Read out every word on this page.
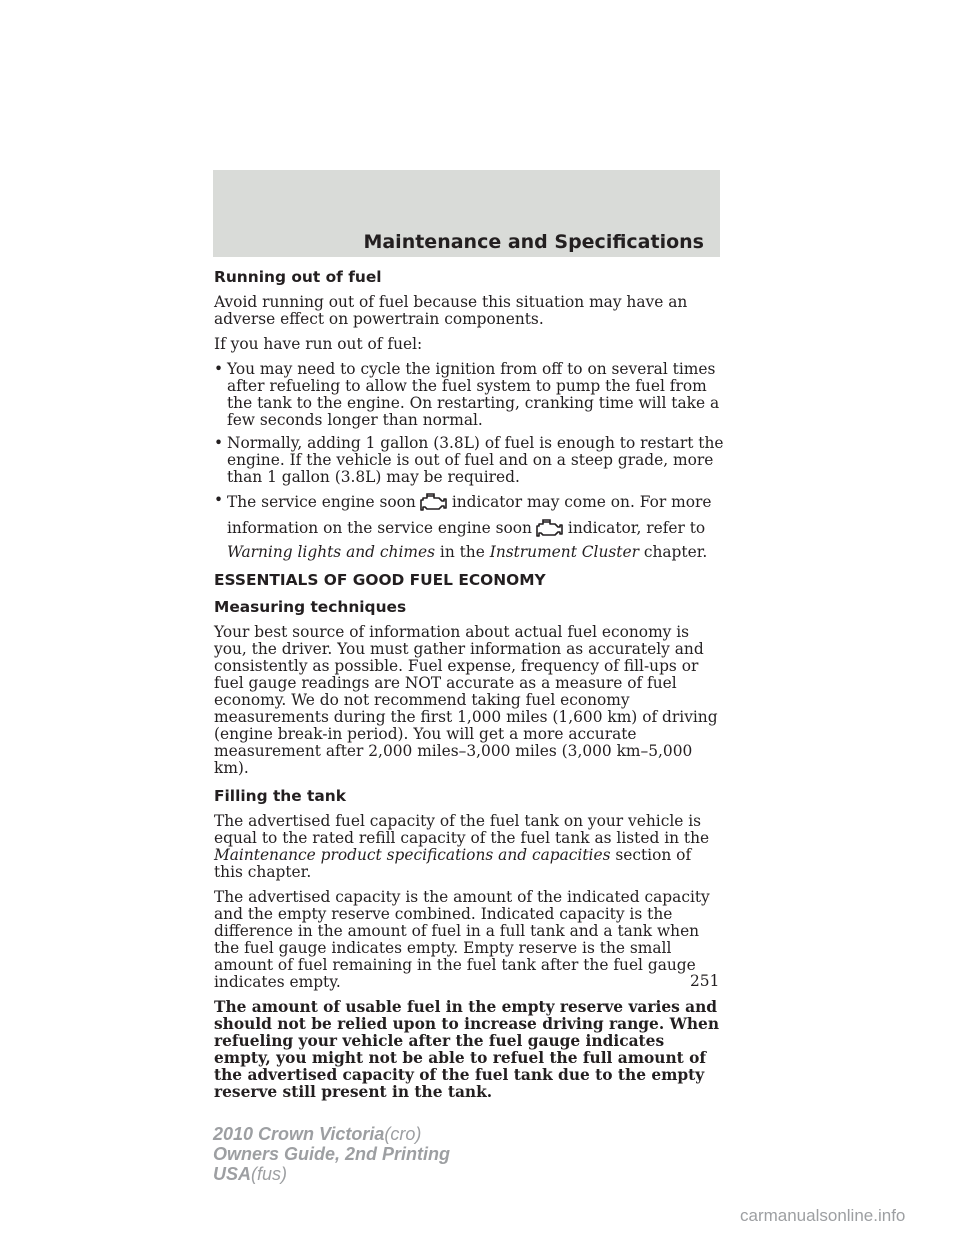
Maintenance and Specifications
Running out of fuel

Avoid running out of fuel because this situation may have an adverse effect on powertrain components.

If you have run out of fuel:

• You may need to cycle the ignition from off to on several times after refueling to allow the fuel system to pump the fuel from the tank to the engine. On restarting, cranking time will take a few seconds longer than normal.
• Normally, adding 1 gallon (3.8L) of fuel is enough to restart the engine. If the vehicle is out of fuel and on a steep grade, more than 1 gallon (3.8L) may be required.
• The service engine soon indicator may come on. For more information on the service engine soon indicator, refer to Warning lights and chimes in the Instrument Cluster chapter.
ESSENTIALS OF GOOD FUEL ECONOMY
Measuring techniques

Your best source of information about actual fuel economy is you, the driver. You must gather information as accurately and consistently as possible. Fuel expense, frequency of fill-ups or fuel gauge readings are NOT accurate as a measure of fuel economy. We do not recommend taking fuel economy measurements during the first 1,000 miles (1,600 km) of driving (engine break-in period). You will get a more accurate measurement after 2,000 miles–3,000 miles (3,000 km–5,000 km).

Filling the tank

The advertised fuel capacity of the fuel tank on your vehicle is equal to the rated refill capacity of the fuel tank as listed in the Maintenance product specifications and capacities section of this chapter.

The advertised capacity is the amount of the indicated capacity and the empty reserve combined. Indicated capacity is the difference in the amount of fuel in a full tank and a tank when the fuel gauge indicates empty. Empty reserve is the small amount of fuel remaining in the fuel tank after the fuel gauge indicates empty.

The amount of usable fuel in the empty reserve varies and should not be relied upon to increase driving range. When refueling your vehicle after the fuel gauge indicates empty, you might not be able to refuel the full amount of the advertised capacity of the fuel tank due to the empty reserve still present in the tank.

251
2010 Crown Victoria(cro)
Owners Guide, 2nd Printing
USA(fus)
carmanualsonline.info
